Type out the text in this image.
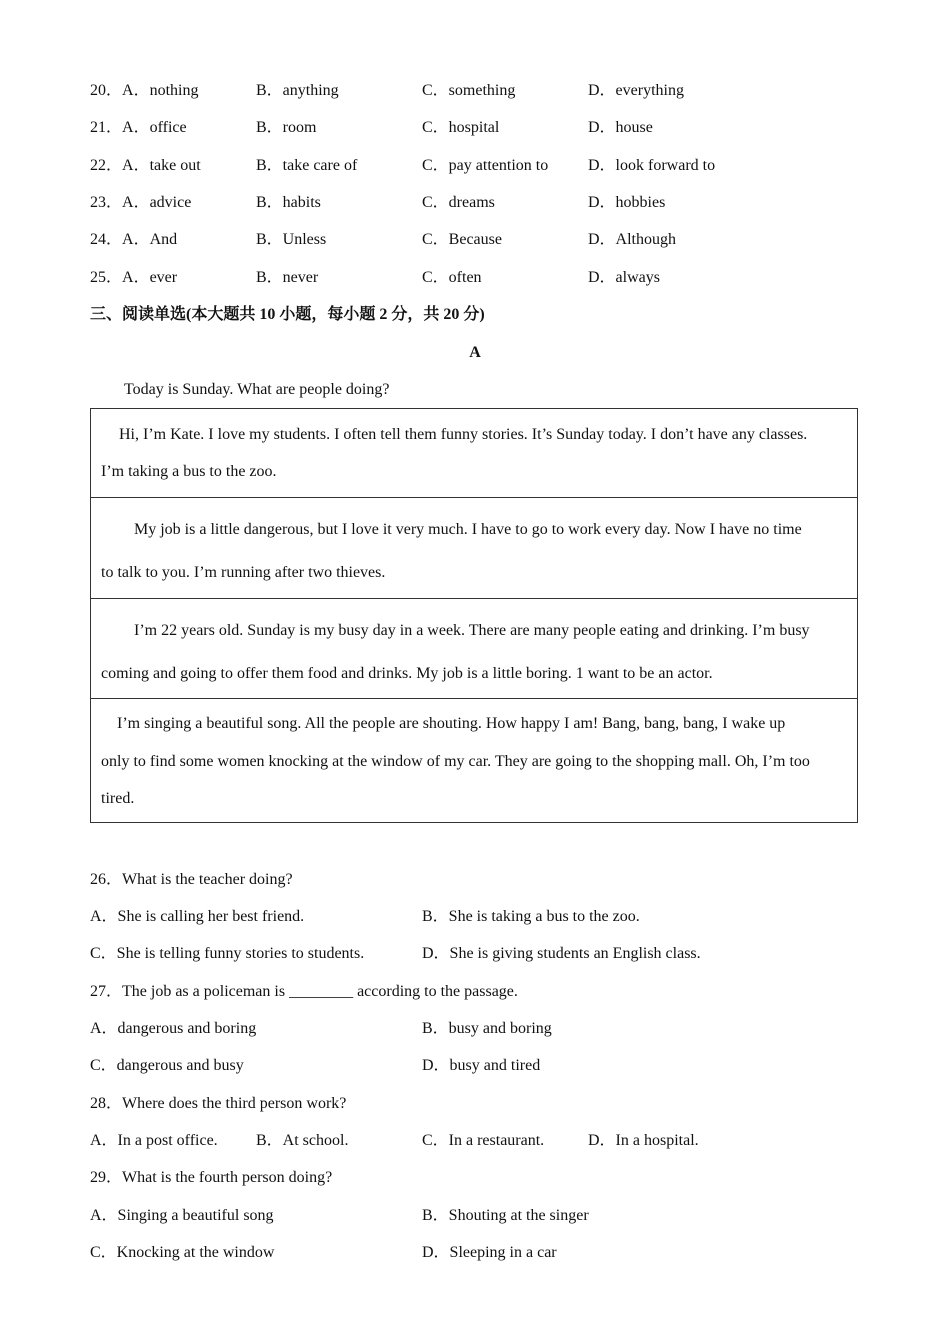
20．A．nothing	B．anything	C．something	D．everything
21．A．office	B．room	C．hospital	D．house
22．A．take out	B．take care of	C．pay attention to D．look forward to
23．A．advice	B．habits	C．dreams	D．hobbies
24．A．And	B．Unless	C．Because	D．Although
25．A．ever	B．never	C．often	D．always
三、阅读单选(本大题共 10 小题，每小题 2 分，共 20 分)
A
Today is Sunday. What are people doing?

Hi, I’m Kate. I love my students. I often tell them funny stories. It’s Sunday today. I don’t have any classes.

I’m taking a bus to the zoo.

My job is a little dangerous, but I love it very much. I have to go to work every day. Now I have no time

to talk to you. I’m running after two thieves.

I’m 22 years old. Sunday is my busy day in a week. There are many people eating and drinking. I’m busy

coming and going to offer them food and drinks. My job is a little boring. 1 want to be an actor.

I’m singing a beautiful song. All the people are shouting. How happy I am! Bang, bang, bang, I wake up

only to find some women knocking at the window of my car. They are going to the shopping mall. Oh, I’m too

tired.

26．What is the teacher doing?
A．She is calling her best friend.	B．She is taking a bus to the zoo.
C．She is telling funny stories to students.	D．She is giving students an English class.
27．The job as a policeman is ________ according to the passage.
A．dangerous and boring	B．busy and boring
C．dangerous and busy	D．busy and tired
28．Where does the third person work?
A．In a post office. B．At school.	C．In a restaurant.	D．In a hospital.
29．What is the fourth person doing?
A．Singing a beautiful song	B．Shouting at the singer
C．Knocking at the window	D．Sleeping in a car
